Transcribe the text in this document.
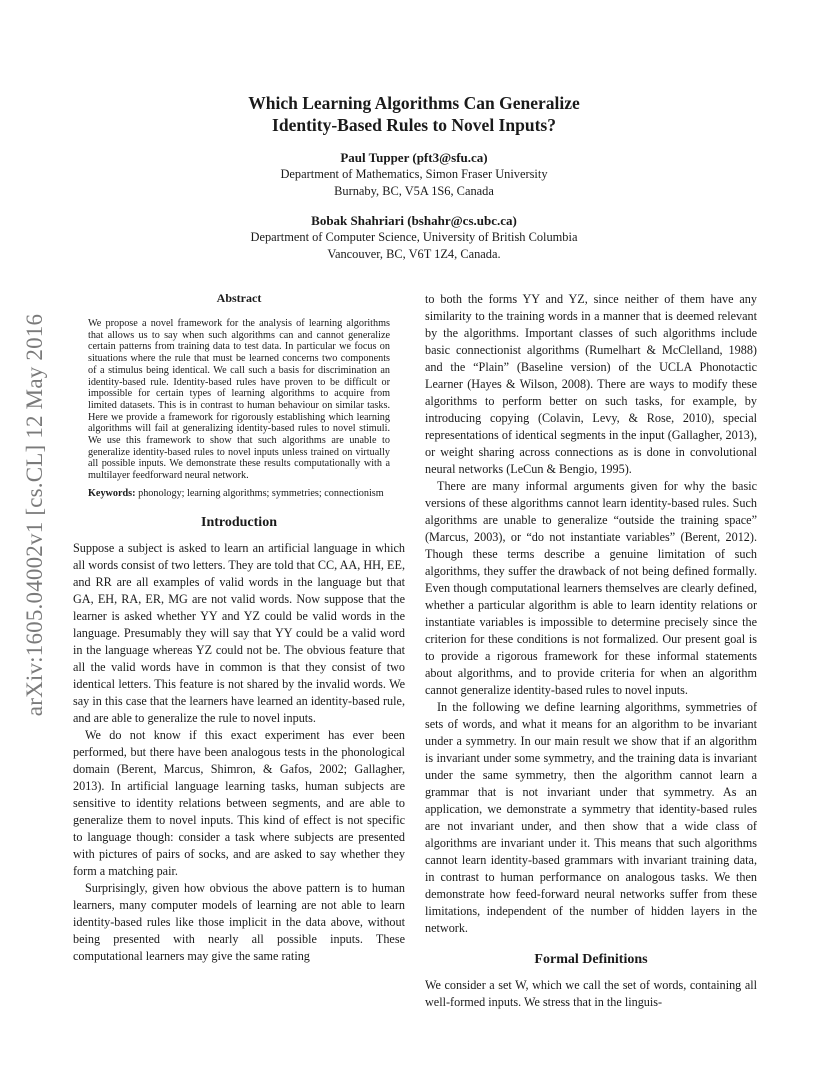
arXiv:1605.04002v1 [cs.CL] 12 May 2016
Which Learning Algorithms Can Generalize
Identity-Based Rules to Novel Inputs?
Paul Tupper (pft3@sfu.ca)
Department of Mathematics, Simon Fraser University
Burnaby, BC, V5A 1S6, Canada
Bobak Shahriari (bshahr@cs.ubc.ca)
Department of Computer Science, University of British Columbia
Vancouver, BC, V6T 1Z4, Canada.
Abstract

We propose a novel framework for the analysis of learning algorithms that allows us to say when such algorithms can and cannot generalize certain patterns from training data to test data. In particular we focus on situations where the rule that must be learned concerns two components of a stimulus being identical. We call such a basis for discrimination an identity-based rule. Identity-based rules have proven to be difficult or impossible for certain types of learning algorithms to acquire from limited datasets. This is in contrast to human behaviour on similar tasks. Here we provide a framework for rigorously establishing which learning algorithms will fail at generalizing identity-based rules to novel stimuli. We use this framework to show that such algorithms are unable to generalize identity-based rules to novel inputs unless trained on virtually all possible inputs. We demonstrate these results computationally with a multilayer feedforward neural network.

Keywords: phonology; learning algorithms; symmetries; connectionism

Introduction

Suppose a subject is asked to learn an artificial language in which all words consist of two letters. They are told that CC, AA, HH, EE, and RR are all examples of valid words in the language but that GA, EH, RA, ER, MG are not valid words. Now suppose that the learner is asked whether YY and YZ could be valid words in the language. Presumably they will say that YY could be a valid word in the language whereas YZ could not be. The obvious feature that all the valid words have in common is that they consist of two identical letters. This feature is not shared by the invalid words. We say in this case that the learners have learned an identity-based rule, and are able to generalize the rule to novel inputs.

We do not know if this exact experiment has ever been performed, but there have been analogous tests in the phonological domain (Berent, Marcus, Shimron, & Gafos, 2002; Gallagher, 2013). In artificial language learning tasks, human subjects are sensitive to identity relations between segments, and are able to generalize them to novel inputs. This kind of effect is not specific to language though: consider a task where subjects are presented with pictures of pairs of socks, and are asked to say whether they form a matching pair.

Surprisingly, given how obvious the above pattern is to human learners, many computer models of learning are not able to learn identity-based rules like those implicit in the data above, without being presented with nearly all possible inputs. These computational learners may give the same rating

to both the forms YY and YZ, since neither of them have any similarity to the training words in a manner that is deemed relevant by the algorithms. Important classes of such algorithms include basic connectionist algorithms (Rumelhart & McClelland, 1988) and the “Plain” (Baseline version) of the UCLA Phonotactic Learner (Hayes & Wilson, 2008). There are ways to modify these algorithms to perform better on such tasks, for example, by introducing copying (Colavin, Levy, & Rose, 2010), special representations of identical segments in the input (Gallagher, 2013), or weight sharing across connections as is done in convolutional neural networks (LeCun & Bengio, 1995).

There are many informal arguments given for why the basic versions of these algorithms cannot learn identity-based rules. Such algorithms are unable to generalize “outside the training space” (Marcus, 2003), or “do not instantiate variables” (Berent, 2012). Though these terms describe a genuine limitation of such algorithms, they suffer the drawback of not being defined formally. Even though computational learners themselves are clearly defined, whether a particular algorithm is able to learn identity relations or instantiate variables is impossible to determine precisely since the criterion for these conditions is not formalized. Our present goal is to provide a rigorous framework for these informal statements about algorithms, and to provide criteria for when an algorithm cannot generalize identity-based rules to novel inputs.

In the following we define learning algorithms, symmetries of sets of words, and what it means for an algorithm to be invariant under a symmetry. In our main result we show that if an algorithm is invariant under some symmetry, and the training data is invariant under the same symmetry, then the algorithm cannot learn a grammar that is not invariant under that symmetry. As an application, we demonstrate a symmetry that identity-based rules are not invariant under, and then show that a wide class of algorithms are invariant under it. This means that such algorithms cannot learn identity-based grammars with invariant training data, in contrast to human performance on analogous tasks. We then demonstrate how feed-forward neural networks suffer from these limitations, independent of the number of hidden layers in the network.

Formal Definitions

We consider a set W, which we call the set of words, containing all well-formed inputs. We stress that in the linguis-
